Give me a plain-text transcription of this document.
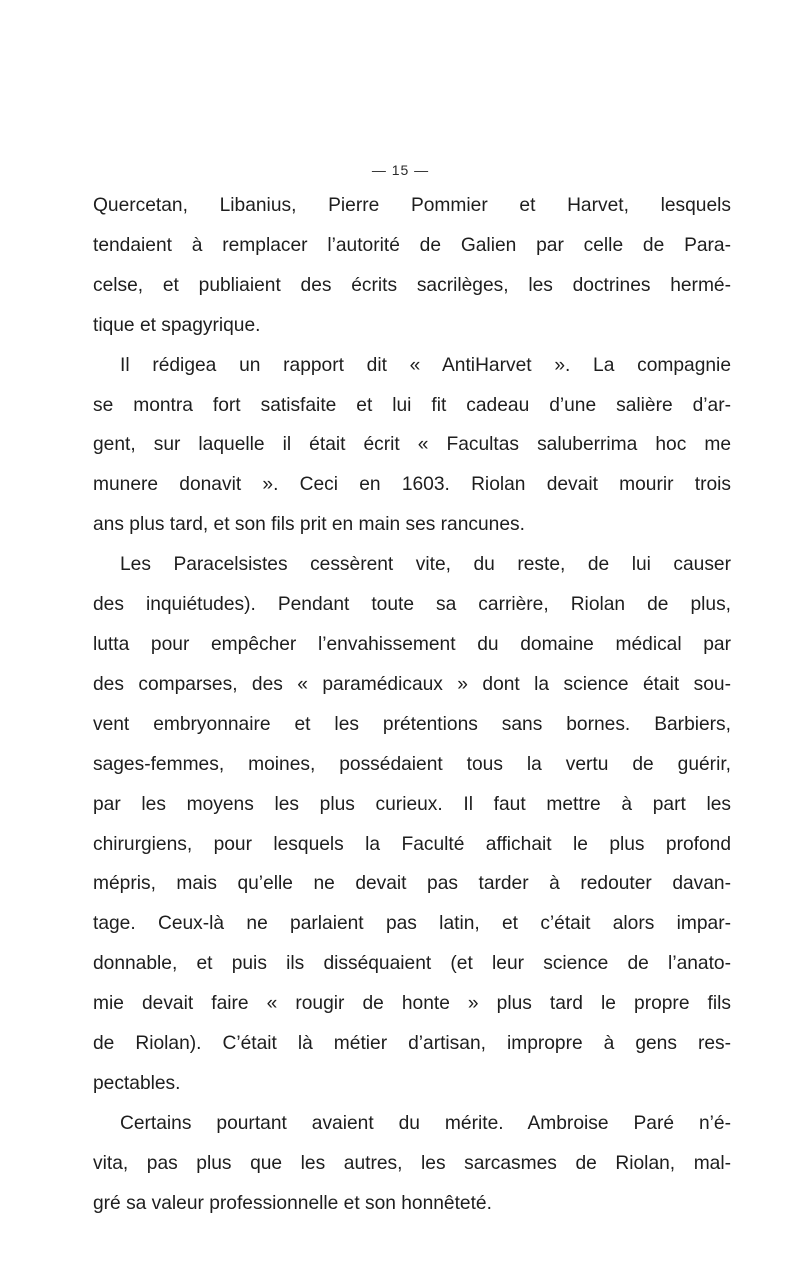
— 15 —
Quercetan, Libanius, Pierre Pommier et Harvet, lesquels
tendaient à remplacer l’autorité de Galien par celle de Para-
celse, et publiaient des écrits sacrilèges, les doctrines hermé-
tique et spagyrique.
Il rédigea un rapport dit « AntiHarvet ». La compagnie
se montra fort satisfaite et lui fit cadeau d’une salière d’ar-
gent, sur laquelle il était écrit « Facultas saluberrima hoc me
munere donavit ». Ceci en 1603. Riolan devait mourir trois
ans plus tard, et son fils prit en main ses rancunes.
Les Paracelsistes cessèrent vite, du reste, de lui causer
des inquiétudes). Pendant toute sa carrière, Riolan de plus,
lutta pour empêcher l’envahissement du domaine médical par
des comparses, des « paramédicaux » dont la science était sou-
vent embryonnaire et les prétentions sans bornes. Barbiers,
sages-femmes, moines, possédaient tous la vertu de guérir,
par les moyens les plus curieux. Il faut mettre à part les
chirurgiens, pour lesquels la Faculté affichait le plus profond
mépris, mais qu’elle ne devait pas tarder à redouter davan-
tage. Ceux-là ne parlaient pas latin, et c’était alors impar-
donnable, et puis ils disséquaient (et leur science de l’anato-
mie devait faire « rougir de honte » plus tard le propre fils
de Riolan). C’était là métier d’artisan, impropre à gens res-
pectables.
Certains pourtant avaient du mérite. Ambroise Paré n’é-
vita, pas plus que les autres, les sarcasmes de Riolan, mal-
gré sa valeur professionnelle et son honnêteté.
